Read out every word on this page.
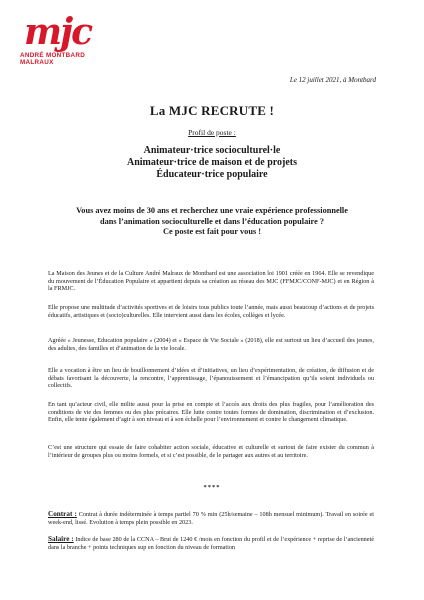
mjc
ANDRÉ MONTBARD
MALRAUX
Le 12 juillet 2021, à Montbard
La MJC RECRUTE !
Profil de poste :
Animateur·trice socioculturel·le
Animateur·trice de maison et de projets
Éducateur·trice populaire
Vous avez moins de 30 ans et recherchez une vraie expérience professionnelle
dans l’animation socioculturelle et dans l’éducation populaire ?
Ce poste est fait pour vous !
La Maison des Jeunes et de la Culture André Malraux de Montbard est une association loi 1901 créée en 1964. Elle se revendique du mouvement de l’Éducation Populaire et appartient depuis sa création au réseau des MJC (FFMJC/CONF-MJC) et en Région à la FRMJC.
Elle propose une multitude d’activités sportives et de loisirs tous publics toute l’année, mais aussi beaucoup d’actions et de projets éducatifs, artistiques et (socio)culturelles. Elle intervient aussi dans les écoles, collèges et lycée.
Agréée « Jeunesse, Education populaire » (2004) et « Espace de Vie Sociale » (2018), elle est surtout un lieu d’accueil des jeunes, des adultes, des familles et d’animation de la vie locale.
Elle a vocation à être un lieu de bouillonnement d’idées et d’initiatives, un lieu d’expérimentation, de création, de diffusion et de débats favorisant la découverte, la rencontre, l’apprentissage, l’épanouissement et l’émancipation qu’ils soient individuels ou collectifs.
En tant qu’acteur civil, elle milite aussi pour la prise en compte et l’accès aux droits des plus fragiles, pour l’amélioration des conditions de vie des femmes ou des plus précaires. Elle lutte contre toutes formes de domination, discrimination et d’exclusion. Enfin, elle tente également d’agir à son niveau et à son échelle pour l’environnement et contre le changement climatique.
C’est une structure qui essaie de faire cohabiter action sociale, éducative et culturelle et surtout de faire exister du commun à l’intérieur de groupes plus ou moins formels, et si c’est possible, de le partager aux autres et au territoire.
****
Contrat : Contrat à durée indéterminée à temps partiel 70 % min (25h/semaine – 108h mensuel minimum). Travail en soirée et week-end, lissé. Evolution à temps plein possible en 2023.
Salaire : Indice de base 280 de la CCNA – Brut de 1240 € /mois en fonction du profil et de l’expérience + reprise de l’ancienneté dans la branche + points techniques sup en fonction du niveau de formation
